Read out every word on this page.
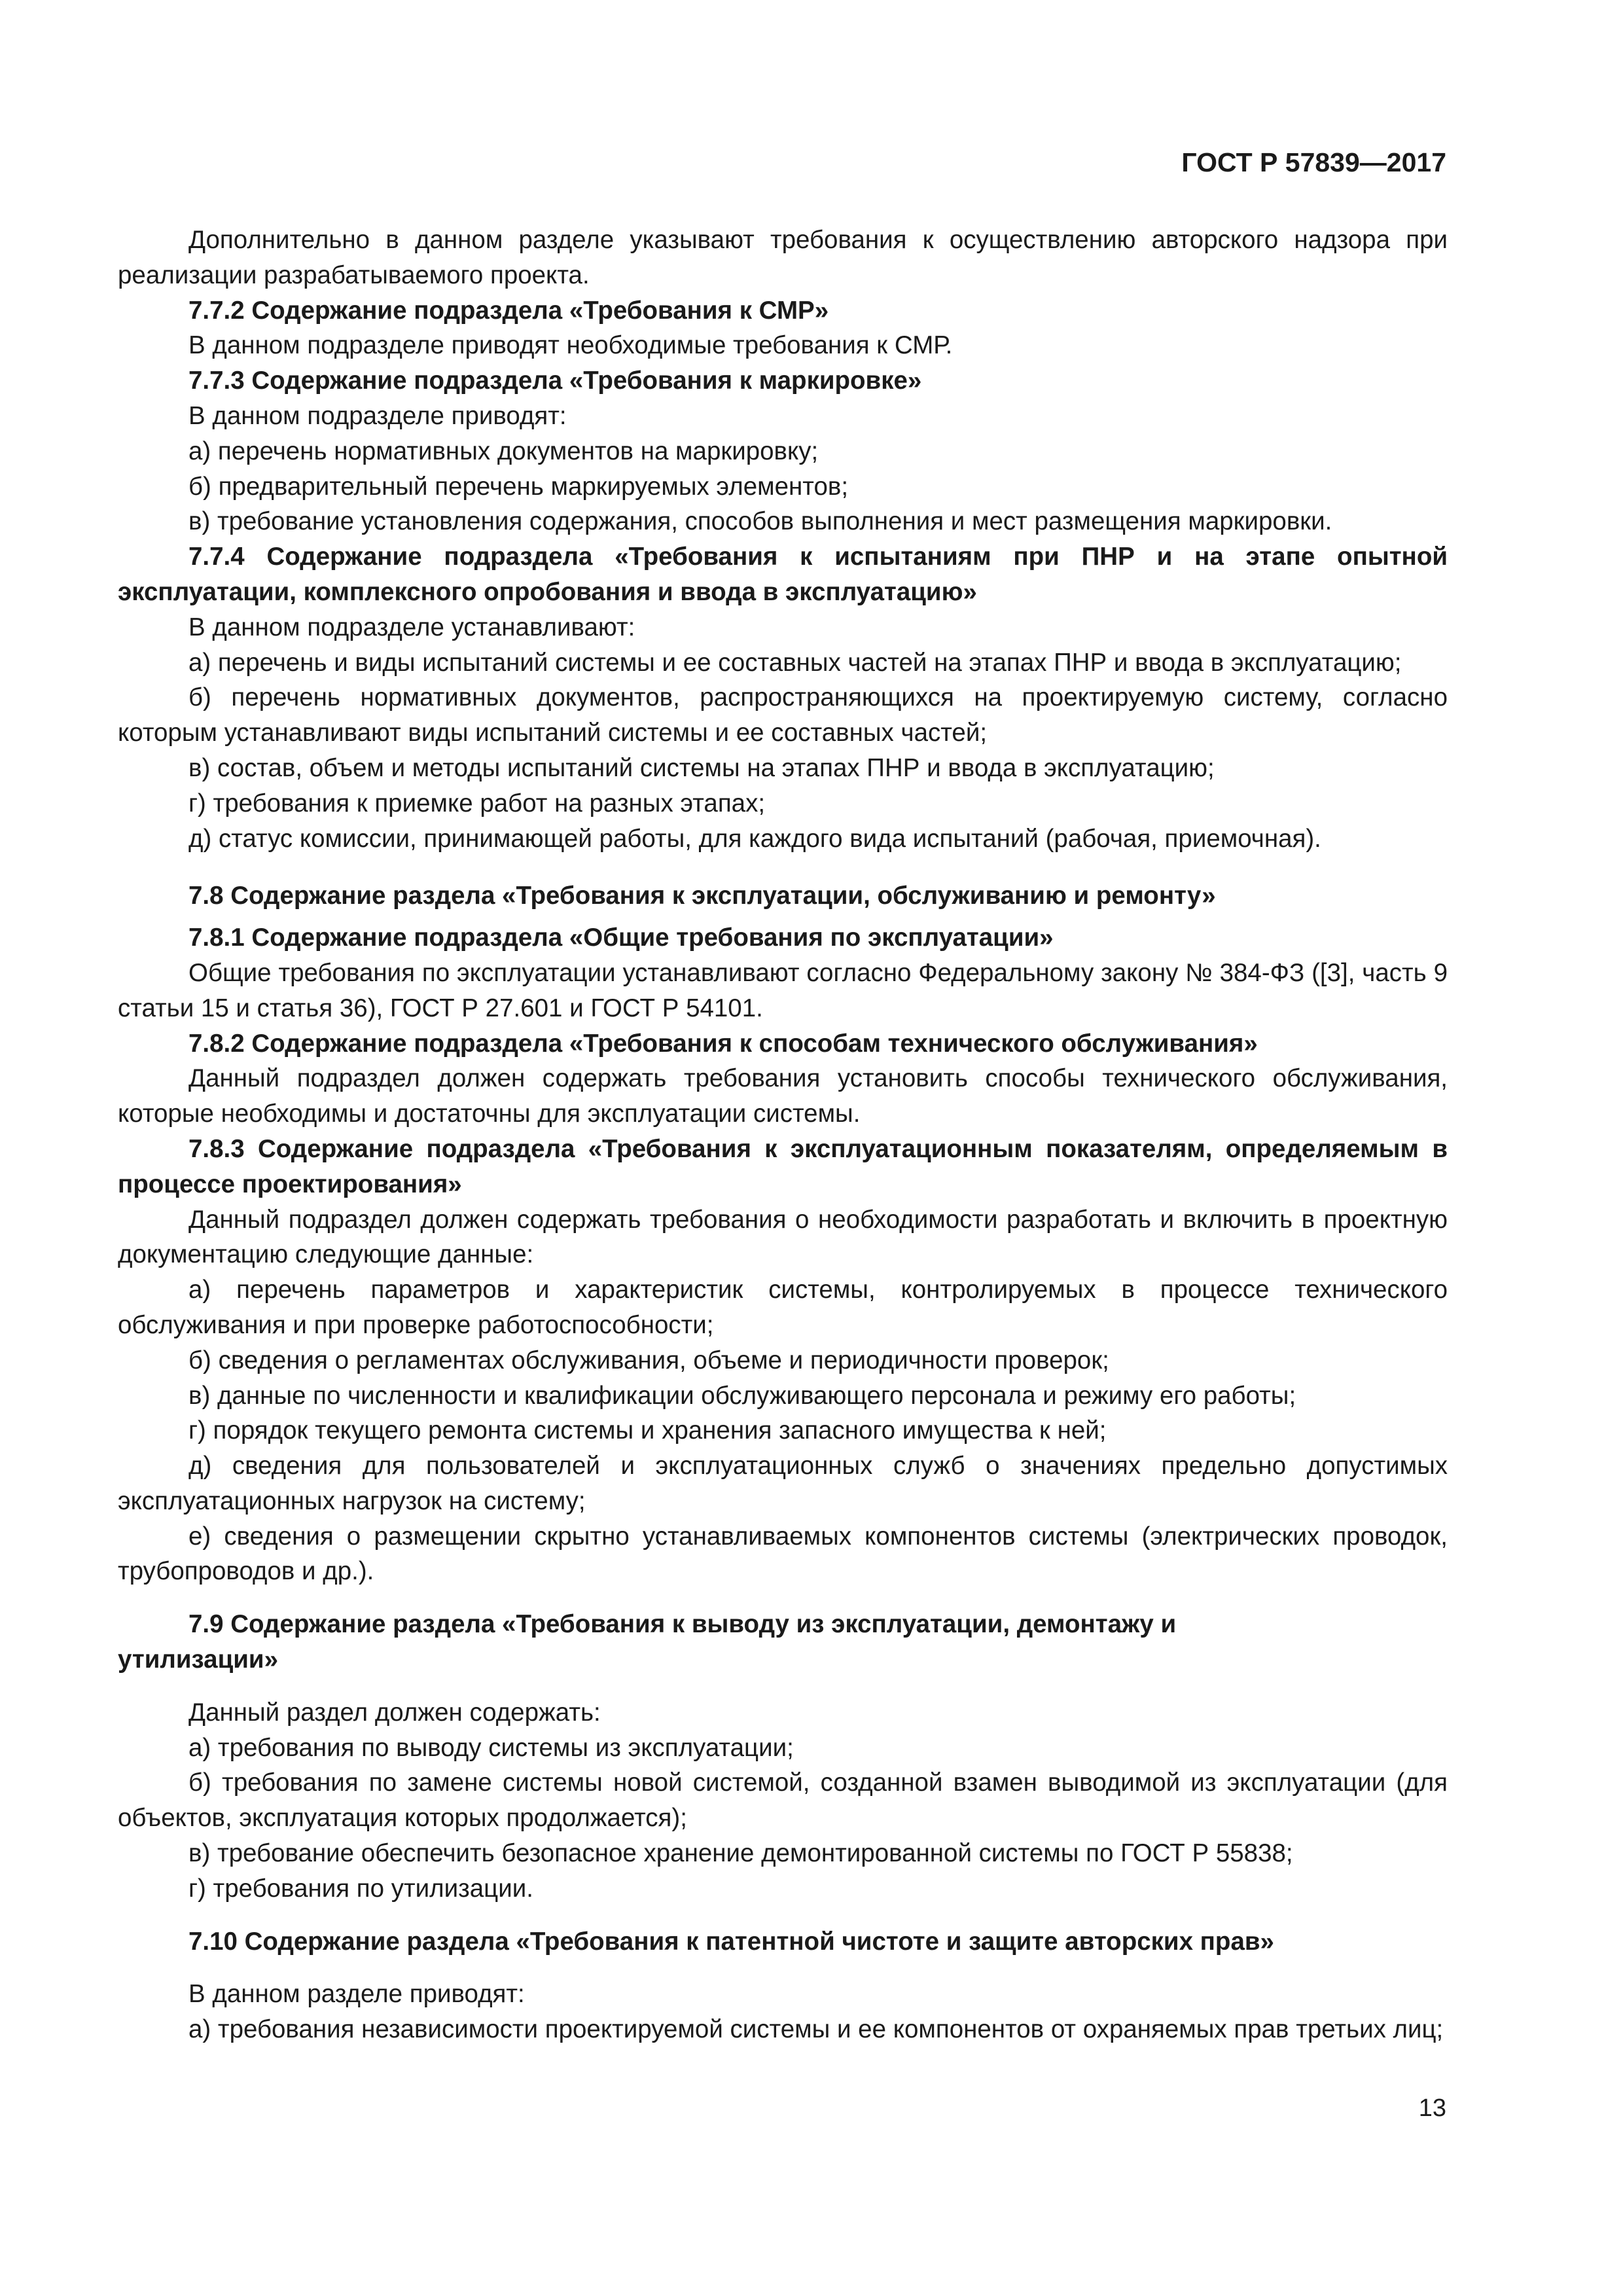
ГОСТ Р 57839—2017

Дополнительно в данном разделе указывают требования к осуществлению авторского надзора при реализации разрабатываемого проекта.

7.7.2 Содержание подраздела «Требования к СМР»

В данном подразделе приводят необходимые требования к СМР.

7.7.3 Содержание подраздела «Требования к маркировке»

В данном подразделе приводят:

а) перечень нормативных документов на маркировку;

б) предварительный перечень маркируемых элементов;

в) требование установления содержания, способов выполнения и мест размещения маркировки.

7.7.4 Содержание подраздела «Требования к испытаниям при ПНР и на этапе опытной эксплуатации, комплексного опробования и ввода в эксплуатацию»

В данном подразделе устанавливают:

а) перечень и виды испытаний системы и ее составных частей на этапах ПНР и ввода в эксплуатацию;

б) перечень нормативных документов, распространяющихся на проектируемую систему, согласно которым устанавливают виды испытаний системы и ее составных частей;

в) состав, объем и методы испытаний системы на этапах ПНР и ввода в эксплуатацию;

г) требования к приемке работ на разных этапах;

д) статус комиссии, принимающей работы, для каждого вида испытаний (рабочая, приемочная).

7.8 Содержание раздела «Требования к эксплуатации, обслуживанию и ремонту»

7.8.1 Содержание подраздела «Общие требования по эксплуатации»

Общие требования по эксплуатации устанавливают согласно Федеральному закону № 384-ФЗ ([3], часть 9 статьи 15 и статья 36), ГОСТ Р 27.601 и ГОСТ Р 54101.

7.8.2 Содержание подраздела «Требования к способам технического обслуживания»

Данный подраздел должен содержать требования установить способы технического обслуживания, которые необходимы и достаточны для эксплуатации системы.

7.8.3 Содержание подраздела «Требования к эксплуатационным показателям, определяемым в процессе проектирования»

Данный подраздел должен содержать требования о необходимости разработать и включить в проектную документацию следующие данные:

а) перечень параметров и характеристик системы, контролируемых в процессе технического обслуживания и при проверке работоспособности;

б) сведения о регламентах обслуживания, объеме и периодичности проверок;

в) данные по численности и квалификации обслуживающего персонала и режиму его работы;

г) порядок текущего ремонта системы и хранения запасного имущества к ней;

д) сведения для пользователей и эксплуатационных служб о значениях предельно допустимых эксплуатационных нагрузок на систему;

е) сведения о размещении скрытно устанавливаемых компонентов системы (электрических проводок, трубопроводов и др.).

7.9 Содержание раздела «Требования к выводу из эксплуатации, демонтажу и утилизации»

Данный раздел должен содержать:

а) требования по выводу системы из эксплуатации;

б) требования по замене системы новой системой, созданной взамен выводимой из эксплуатации (для объектов, эксплуатация которых продолжается);

в) требование обеспечить безопасное хранение демонтированной системы по ГОСТ Р 55838;

г) требования по утилизации.

7.10 Содержание раздела «Требования к патентной чистоте и защите авторских прав»

В данном разделе приводят:

а) требования независимости проектируемой системы и ее компонентов от охраняемых прав третьих лиц;

13
